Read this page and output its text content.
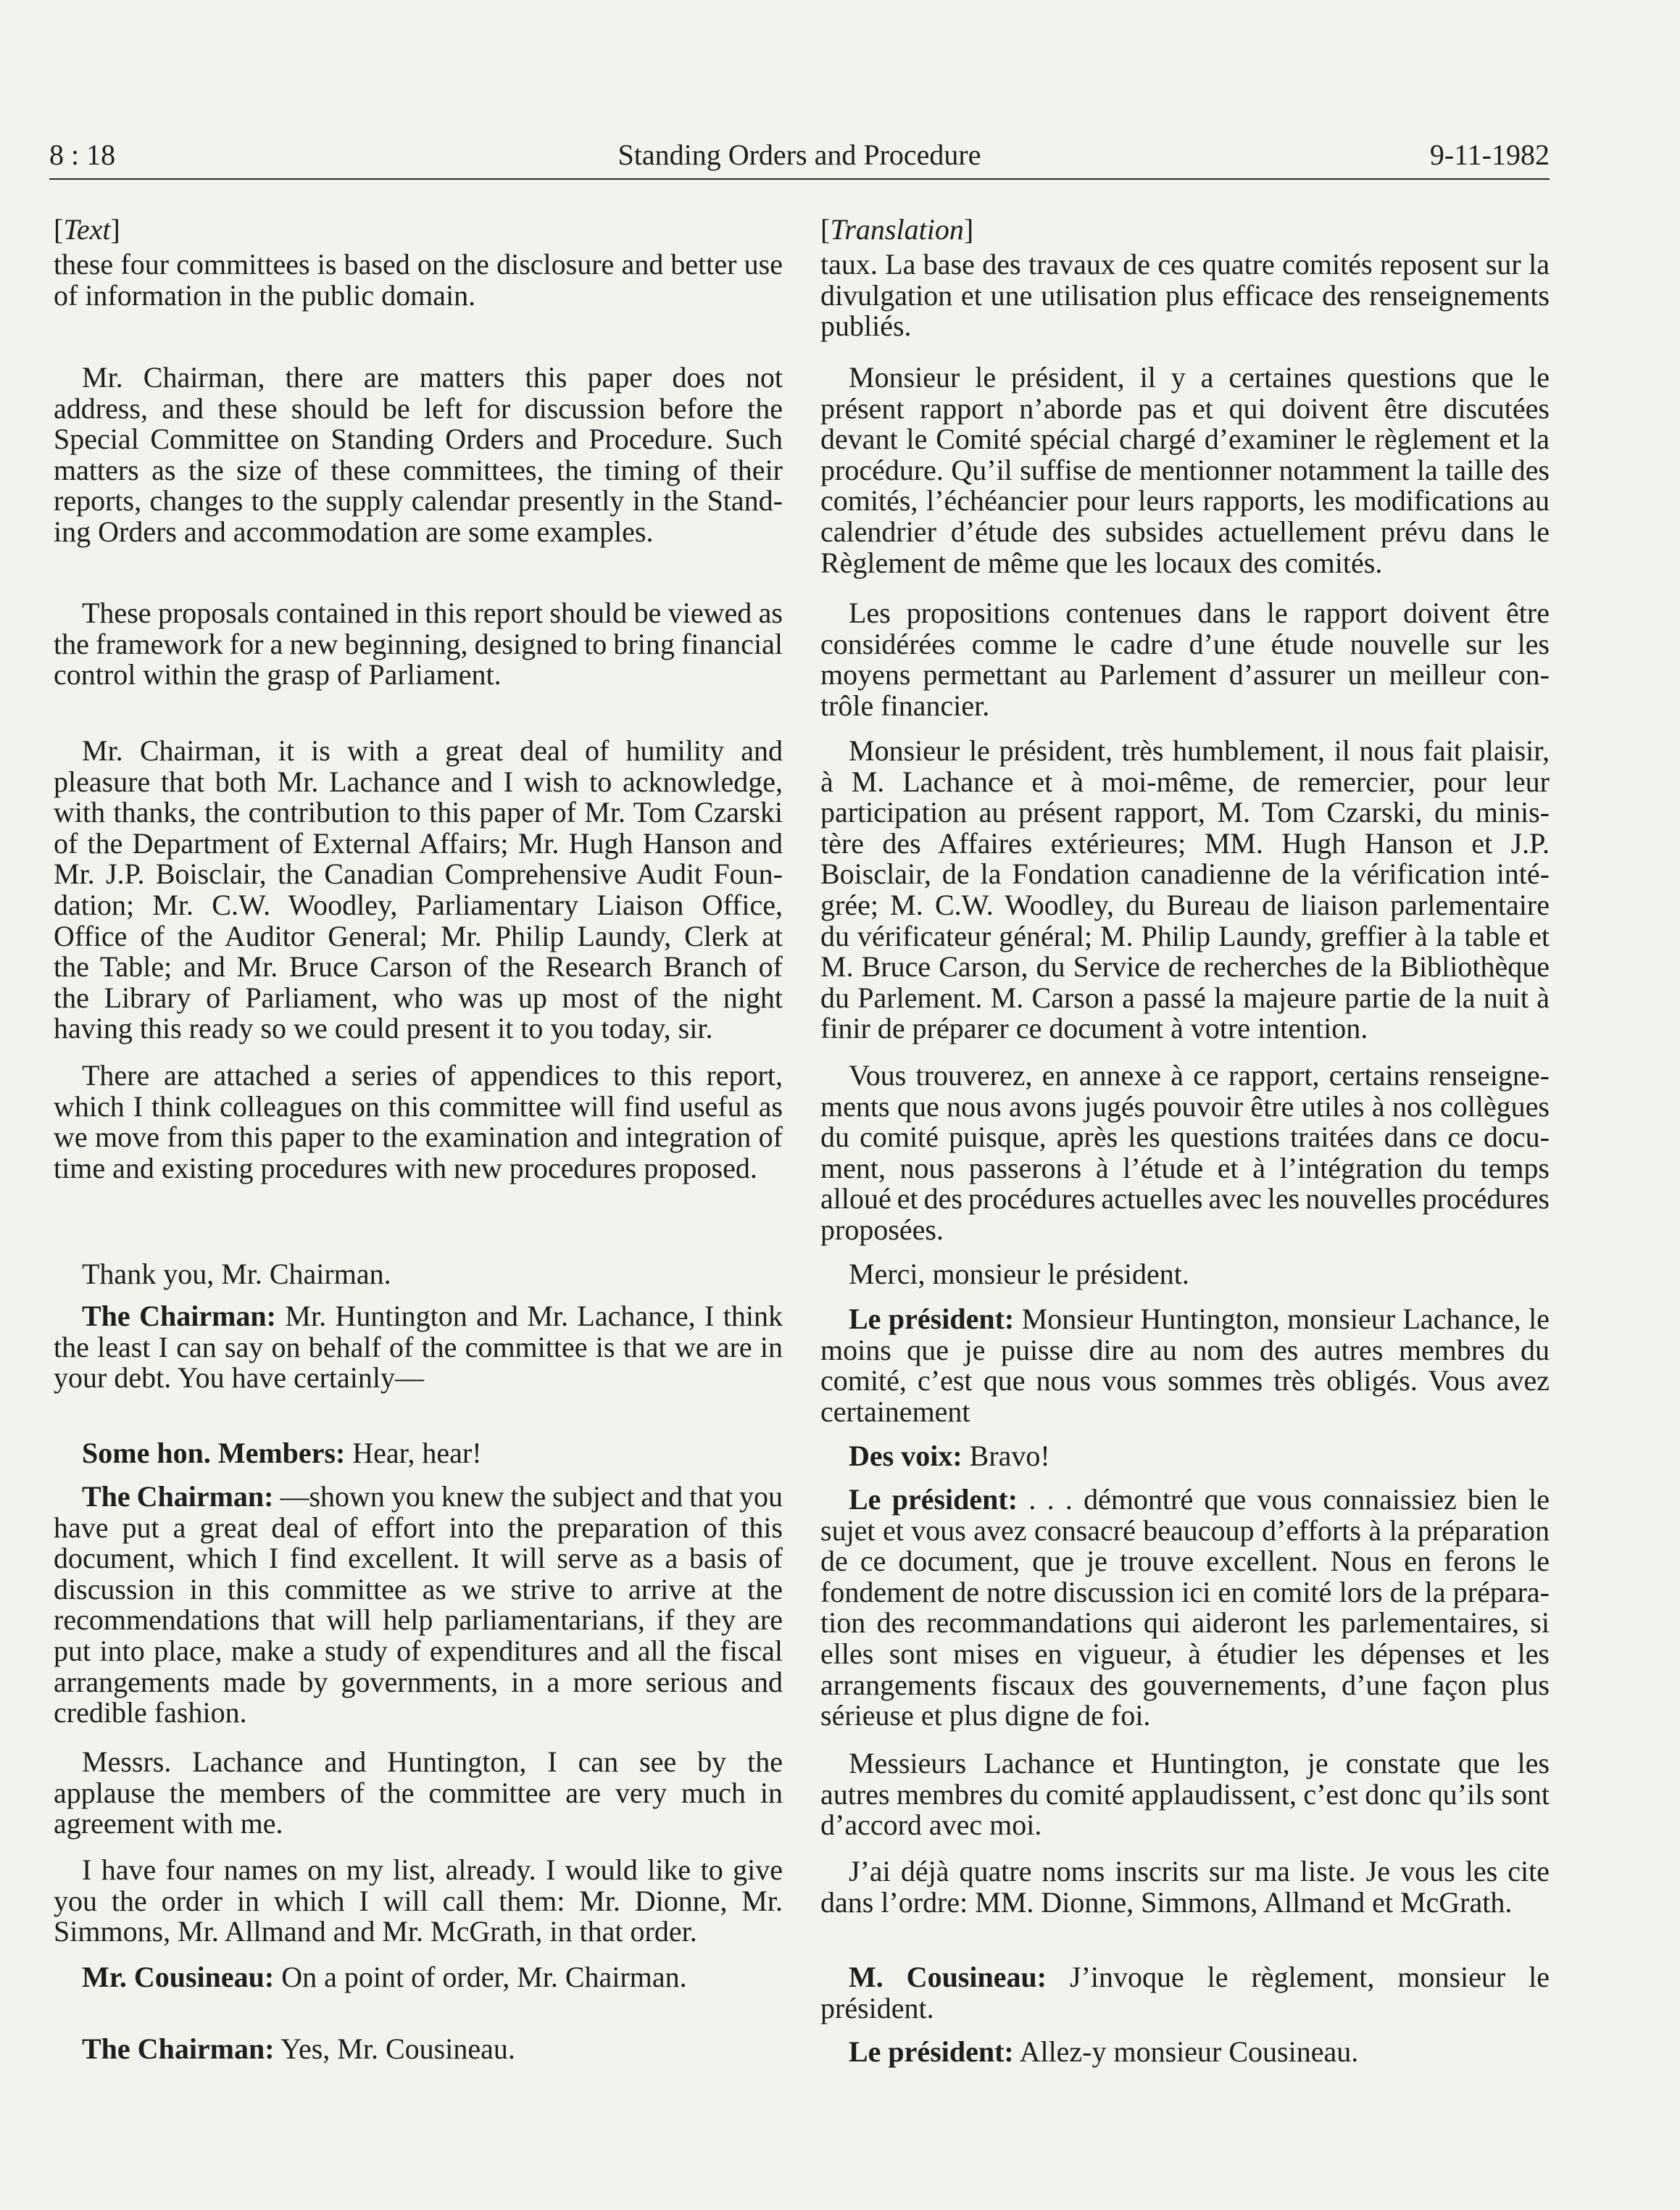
8 : 18	Standing Orders and Procedure	9-11-1982
[Text]
these four committees is based on the disclosure and better use
of information in the public domain.
Mr. Chairman, there are matters this paper does not
address, and these should be left for discussion before the
Special Committee on Standing Orders and Procedure. Such
matters as the size of these committees, the timing of their
reports, changes to the supply calendar presently in the Stand-
ing Orders and accommodation are some examples.
These proposals contained in this report should be viewed as
the framework for a new beginning, designed to bring financial
control within the grasp of Parliament.
Mr. Chairman, it is with a great deal of humility and
pleasure that both Mr. Lachance and I wish to acknowledge,
with thanks, the contribution to this paper of Mr. Tom Czarski
of the Department of External Affairs; Mr. Hugh Hanson and
Mr. J.P. Boisclair, the Canadian Comprehensive Audit Foun-
dation; Mr. C.W. Woodley, Parliamentary Liaison Office,
Office of the Auditor General; Mr. Philip Laundy, Clerk at
the Table; and Mr. Bruce Carson of the Research Branch of
the Library of Parliament, who was up most of the night
having this ready so we could present it to you today, sir.
There are attached a series of appendices to this report,
which I think colleagues on this committee will find useful as
we move from this paper to the examination and integration of
time and existing procedures with new procedures proposed.
Thank you, Mr. Chairman.
The Chairman: Mr. Huntington and Mr. Lachance, I think
the least I can say on behalf of the committee is that we are in
your debt. You have certainly—
Some hon. Members: Hear, hear!
The Chairman: —shown you knew the subject and that you
have put a great deal of effort into the preparation of this
document, which I find excellent. It will serve as a basis of
discussion in this committee as we strive to arrive at the
recommendations that will help parliamentarians, if they are
put into place, make a study of expenditures and all the fiscal
arrangements made by governments, in a more serious and
credible fashion.
Messrs. Lachance and Huntington, I can see by the
applause the members of the committee are very much in
agreement with me.
I have four names on my list, already. I would like to give
you the order in which I will call them: Mr. Dionne, Mr.
Simmons, Mr. Allmand and Mr. McGrath, in that order.
Mr. Cousineau: On a point of order, Mr. Chairman.
The Chairman: Yes, Mr. Cousineau.
[Translation]
taux. La base des travaux de ces quatre comités reposent sur la
divulgation et une utilisation plus efficace des renseignements
publiés.
Monsieur le président, il y a certaines questions que le
présent rapport n’aborde pas et qui doivent être discutées
devant le Comité spécial chargé d’examiner le règlement et la
procédure. Qu’il suffise de mentionner notamment la taille des
comités, l’échéancier pour leurs rapports, les modifications au
calendrier d’étude des subsides actuellement prévu dans le
Règlement de même que les locaux des comités.
Les propositions contenues dans le rapport doivent être
considérées comme le cadre d’une étude nouvelle sur les
moyens permettant au Parlement d’assurer un meilleur con-
trôle financier.
Monsieur le président, très humblement, il nous fait plaisir,
à M. Lachance et à moi-même, de remercier, pour leur
participation au présent rapport, M. Tom Czarski, du minis-
tère des Affaires extérieures; MM. Hugh Hanson et J.P.
Boisclair, de la Fondation canadienne de la vérification inté-
grée; M. C.W. Woodley, du Bureau de liaison parlementaire
du vérificateur général; M. Philip Laundy, greffier à la table et
M. Bruce Carson, du Service de recherches de la Bibliothèque
du Parlement. M. Carson a passé la majeure partie de la nuit à
finir de préparer ce document à votre intention.
Vous trouverez, en annexe à ce rapport, certains renseigne-
ments que nous avons jugés pouvoir être utiles à nos collègues
du comité puisque, après les questions traitées dans ce docu-
ment, nous passerons à l’étude et à l’intégration du temps
alloué et des procédures actuelles avec les nouvelles procédures
proposées.
Merci, monsieur le président.
Le président: Monsieur Huntington, monsieur Lachance, le
moins que je puisse dire au nom des autres membres du
comité, c’est que nous vous sommes très obligés. Vous avez
certainement
Des voix: Bravo!
Le président: . . . démontré que vous connaissiez bien le
sujet et vous avez consacré beaucoup d’efforts à la préparation
de ce document, que je trouve excellent. Nous en ferons le
fondement de notre discussion ici en comité lors de la prépara-
tion des recommandations qui aideront les parlementaires, si
elles sont mises en vigueur, à étudier les dépenses et les
arrangements fiscaux des gouvernements, d’une façon plus
sérieuse et plus digne de foi.
Messieurs Lachance et Huntington, je constate que les
autres membres du comité applaudissent, c’est donc qu’ils sont
d’accord avec moi.
J’ai déjà quatre noms inscrits sur ma liste. Je vous les cite
dans l’ordre: MM. Dionne, Simmons, Allmand et McGrath.
M. Cousineau: J’invoque le règlement, monsieur le
président.
Le président: Allez-y monsieur Cousineau.
